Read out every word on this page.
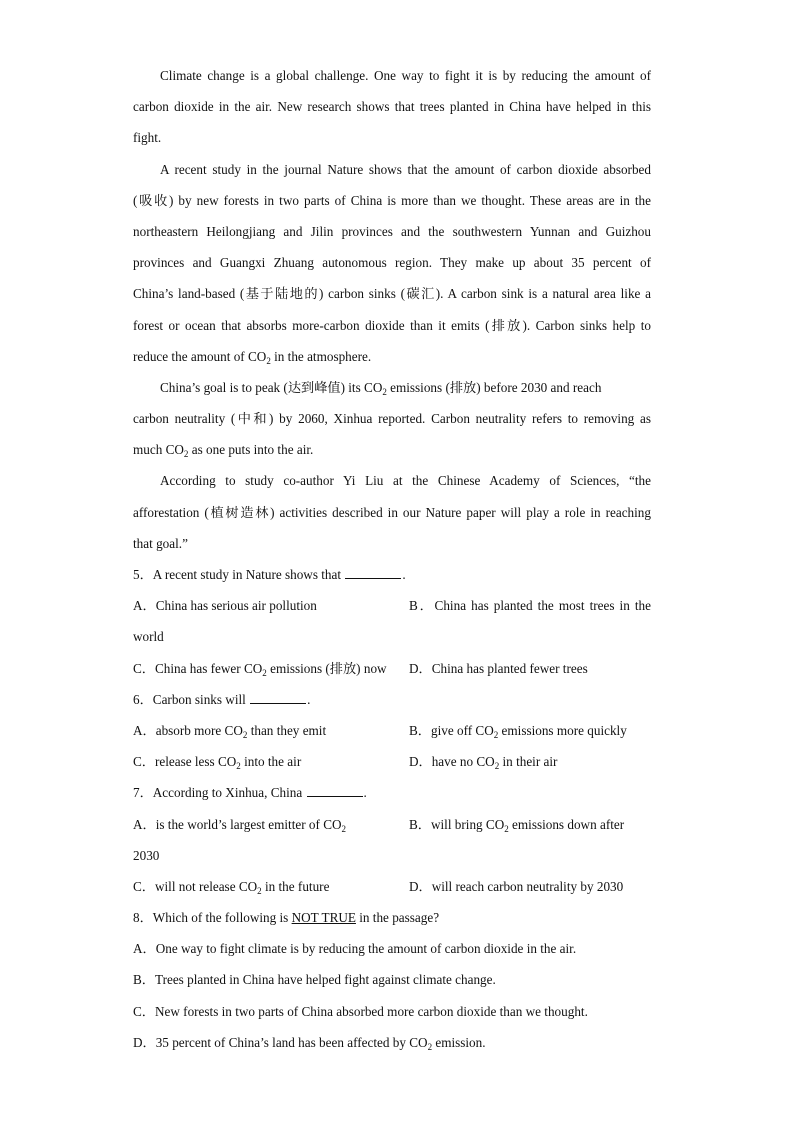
Climate change is a global challenge. One way to fight it is by reducing the amount of
carbon dioxide in the air. New research shows that trees planted in China have helped in this
fight.
A recent study in the journal Nature shows that the amount of carbon dioxide absorbed
(吸收) by new forests in two parts of China is more than we thought. These areas are in the
northeastern Heilongjiang and Jilin provinces and the southwestern Yunnan and Guizhou
provinces and Guangxi Zhuang autonomous region. They make up about 35 percent of
China’s land-based (基于陆地的) carbon sinks (碳汇). A carbon sink is a natural area like a
forest or ocean that absorbs more-carbon dioxide than it emits (排放). Carbon sinks help to
reduce the amount of $CO_2$ in the atmosphere.
China’s goal is to peak (达到峰值) its $CO_2$ emissions (排放) before 2030 and reach
carbon neutrality (中和) by 2060, Xinhua reported. Carbon neutrality refers to removing as
much $CO_2$ as one puts into the air.
According to study co-author Yi Liu at the Chinese Academy of Sciences, “the
afforestation (植树造林) activities described in our Nature paper will play a role in reaching
that goal.”
5．A recent study in Nature shows that	.
A．China has serious air pollution	B．China has planted the most trees in the
world
C．China has fewer $CO_2$ emissions (排放) now	D．China has planted fewer trees
6．Carbon sinks will	.
A．absorb more $CO_2$ than they emit	B．give off $CO_2$ emissions more quickly
C．release less $CO_2$ into the air	D．have no $CO_2$ in their air
7．According to Xinhua, China	.
A．is the world’s largest emitter of $CO_2$	B．will bring $CO_2$ emissions down after
2030
C．will not release $CO_2$ in the future	D．will reach carbon neutrality by 2030
8．Which of the following is NOT TRUE in the passage?
A．One way to fight climate is by reducing the amount of carbon dioxide in the air.
B．Trees planted in China have helped fight against climate change.
C．New forests in two parts of China absorbed more carbon dioxide than we thought.
D．35 percent of China’s land has been affected by $CO_2$ emission.
